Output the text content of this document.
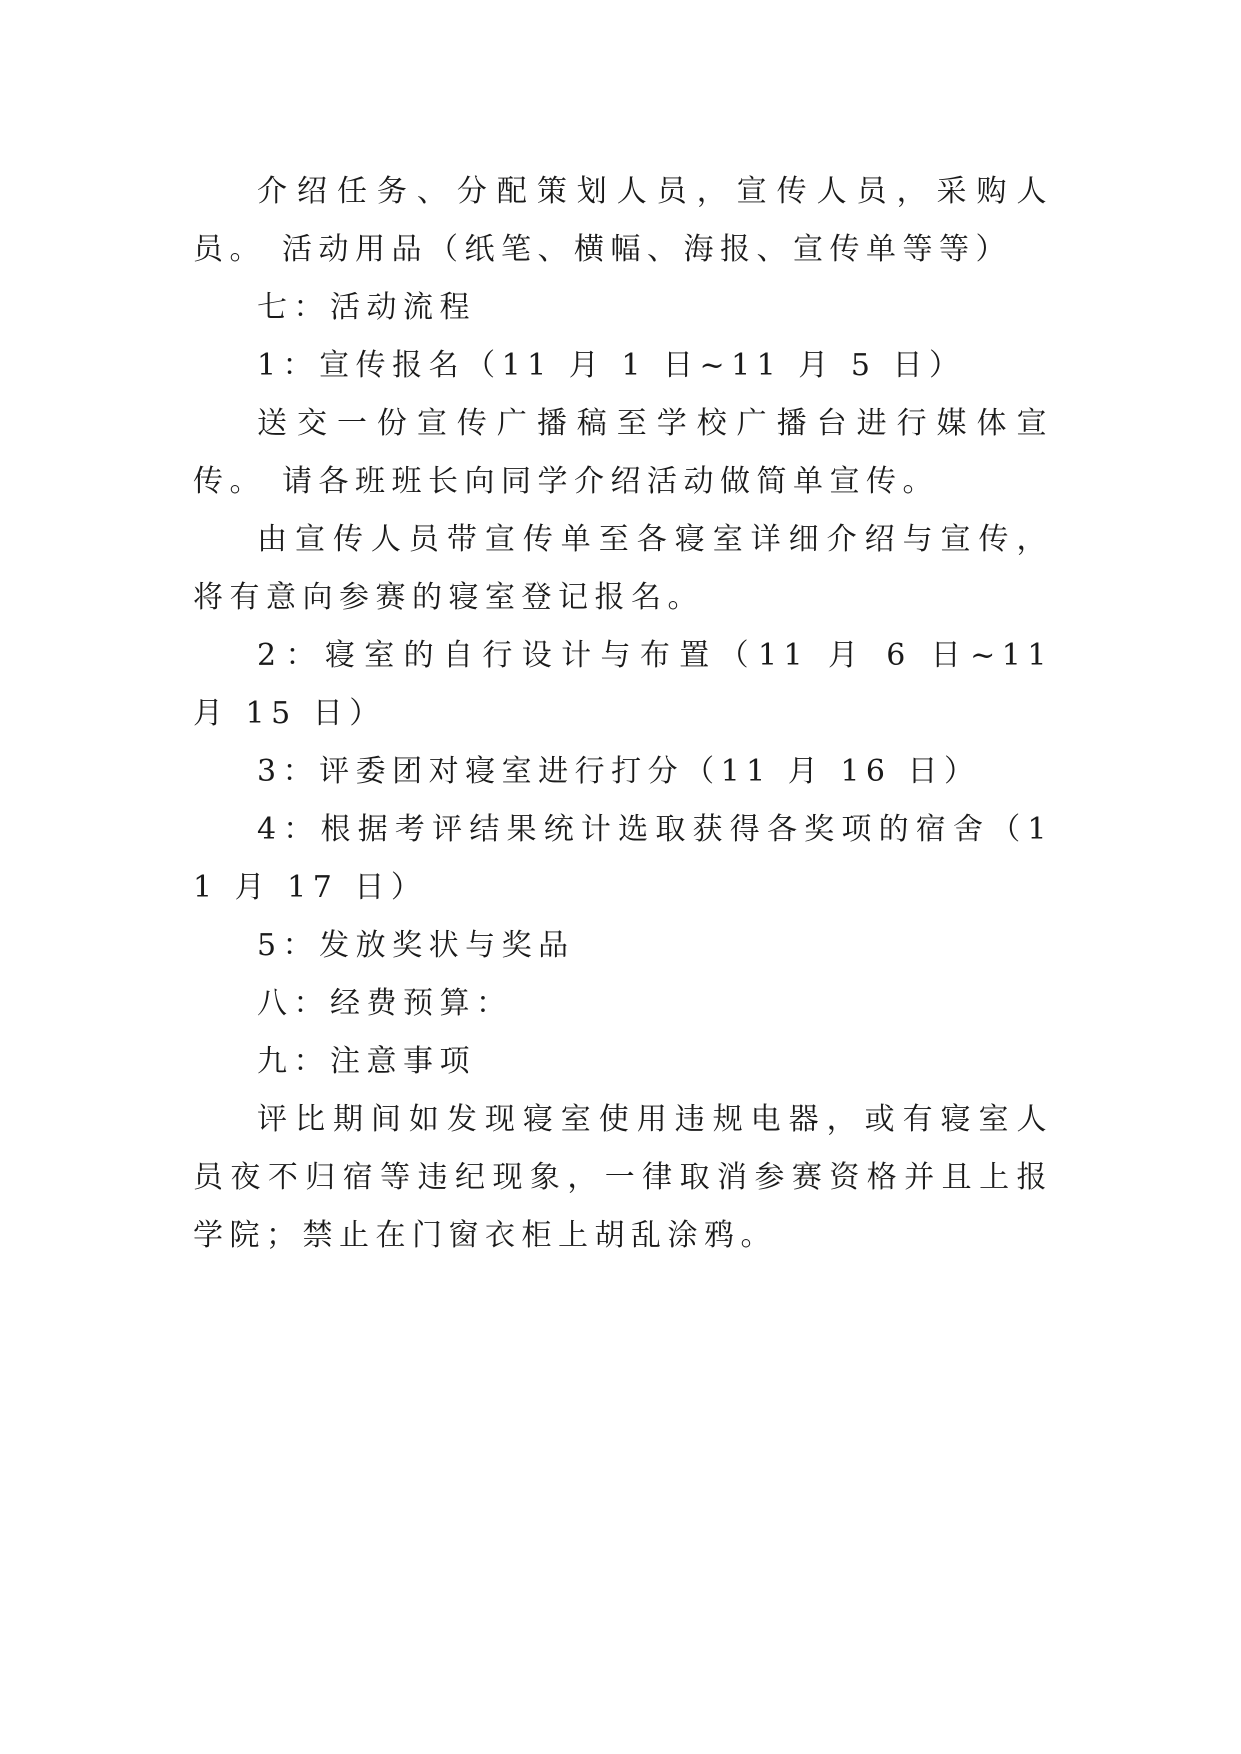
介绍任务、分配策划人员，宣传人员，采购人员。 活动用品（纸笔、横幅、海报、宣传单等等）

七：活动流程

1：宣传报名（11 月 1 日~11 月 5 日）

送交一份宣传广播稿至学校广播台进行媒体宣传。 请各班班长向同学介绍活动做简单宣传。

由宣传人员带宣传单至各寝室详细介绍与宣传，将有意向参赛的寝室登记报名。

2：寝室的自行设计与布置（11 月 6 日~11 月 15 日）

3：评委团对寝室进行打分（11 月 16 日）

4：根据考评结果统计选取获得各奖项的宿舍（11 月 17 日）

5：发放奖状与奖品

八：经费预算：

九：注意事项

评比期间如发现寝室使用违规电器，或有寝室人员夜不归宿等违纪现象，一律取消参赛资格并且上报学院；禁止在门窗衣柜上胡乱涂鸦。
